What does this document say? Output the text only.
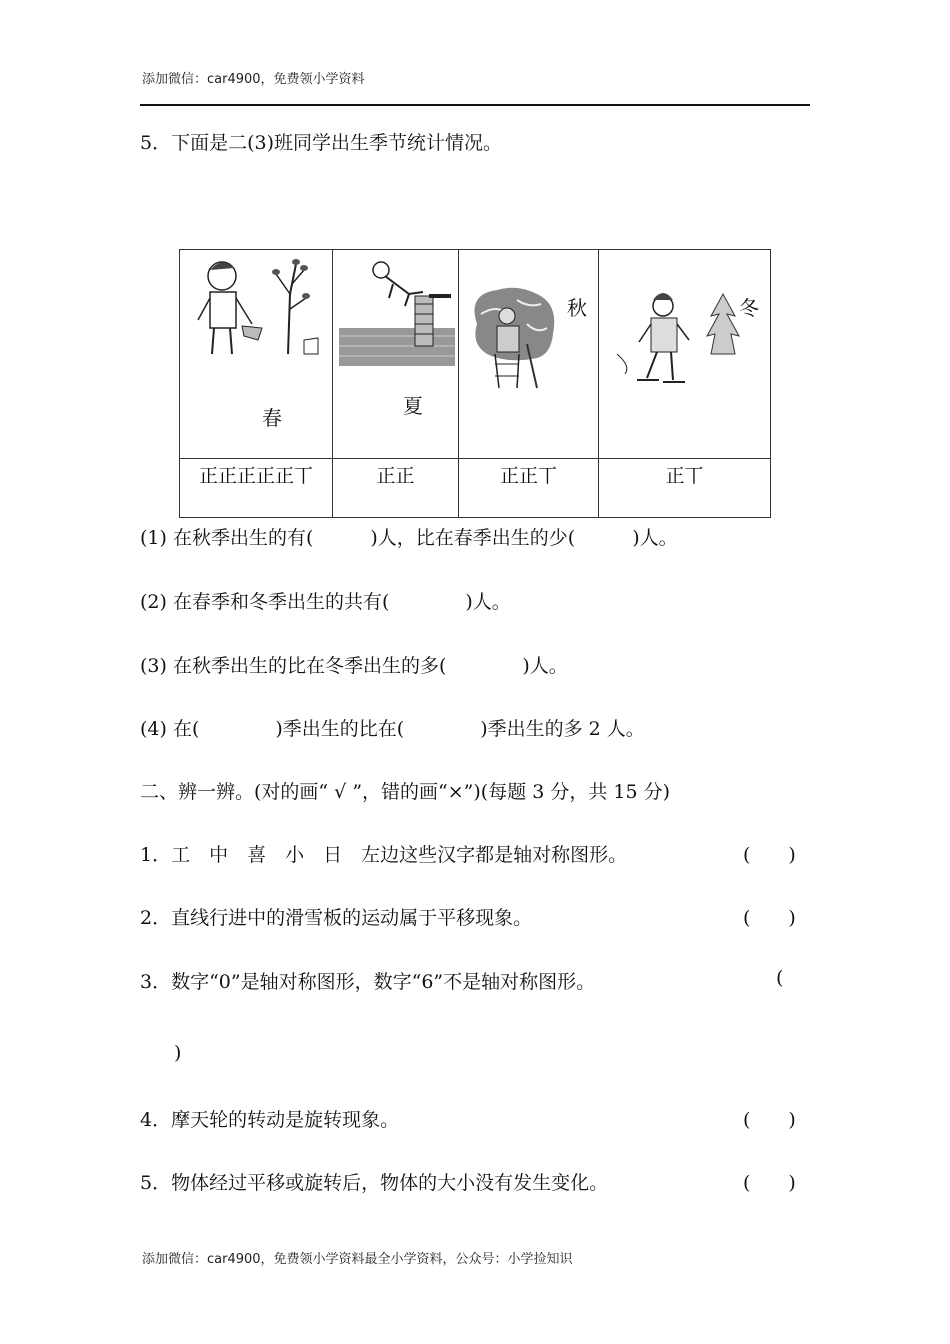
添加微信：car4900，免费领小学资料
5．下面是二(3)班同学出生季节统计情况。
春	夏	秋	冬

正正正正正丅	正正	正正丅	正丅
(1) 在秋季出生的有(　　　)人，比在春季出生的少(　　　)人。
(2) 在春季和冬季出生的共有(　　　　)人。
(3) 在秋季出生的比在冬季出生的多(　　　　)人。
(4) 在(　　　　)季出生的比在(　　　　)季出生的多 2 人。
二、辨一辨。(对的画“ √ ”，错的画“×”)(每题 3 分，共 15 分)
1．工　中　喜　小　日　左边这些汉字都是轴对称图形。	(　　)
2．直线行进中的滑雪板的运动属于平移现象。	(　　)
3．数字“0”是轴对称图形，数字“6”不是轴对称图形。	(
)
4．摩天轮的转动是旋转现象。	(　　)
5．物体经过平移或旋转后，物体的大小没有发生变化。	(　　)
添加微信：car4900，免费领小学资料最全小学资料，公众号：小学捡知识
